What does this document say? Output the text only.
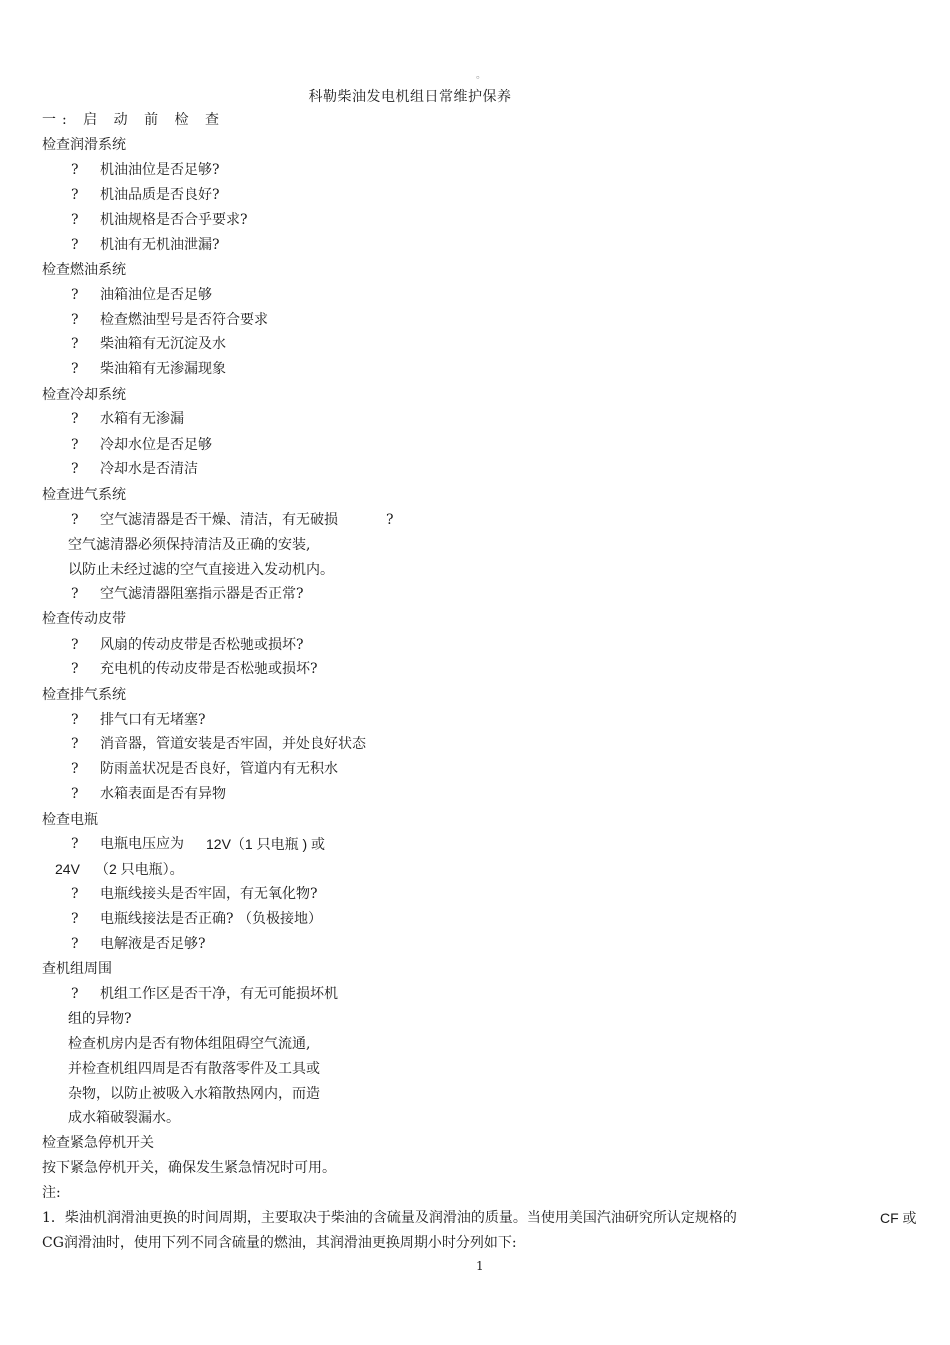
。
科勒柴油发电机组日常维护保养
一: 启 动 前 检 查
检查润滑系统
? 机油油位是否足够?
? 机油品质是否良好?
? 机油规格是否合乎要求?
? 机油有无机油泄漏?
检查燃油系统
? 油箱油位是否足够
? 检查燃油型号是否符合要求
? 柴油箱有无沉淀及水
? 柴油箱有无渗漏现象
检查冷却系统
? 水箱有无渗漏
? 冷却水位是否足够
? 冷却水是否清洁
检查进气系统
? 空气滤清器是否干燥、清洁，有无破损	?
空气滤清器必须保持清洁及正确的安装,
以防止未经过滤的空气直接进入发动机内。
? 空气滤清器阻塞指示器是否正常?
检查传动皮带
? 风扇的传动皮带是否松驰或损坏?
? 充电机的传动皮带是否松驰或损坏?
检查排气系统
? 排气口有无堵塞?
? 消音器，管道安装是否牢固，并处良好状态
? 防雨盖状况是否良好，管道内有无积水
? 水箱表面是否有异物
检查电瓶
? 电瓶电压应为 12V（1 只电瓶 ) 或
24V （2 只电瓶）。
? 电瓶线接头是否牢固，有无氧化物?
? 电瓶线接法是否正确? （负极接地）
? 电解液是否足够?
查机组周围
? 机组工作区是否干净，有无可能损坏机
组的异物?
检查机房内是否有物体组阻碍空气流通,
并检查机组四周是否有散落零件及工具或
杂物，以防止被吸入水箱散热网内，而造
成水箱破裂漏水。
检查紧急停机开关
按下紧急停机开关，确保发生紧急情况时可用。
注:
1．柴油机润滑油更换的时间周期，主要取决于柴油的含硫量及润滑油的质量。当使用美国汽油研究所认定规格的	CF 或
CG润滑油时，使用下列不同含硫量的燃油，其润滑油更换周期小时分列如下:
1
